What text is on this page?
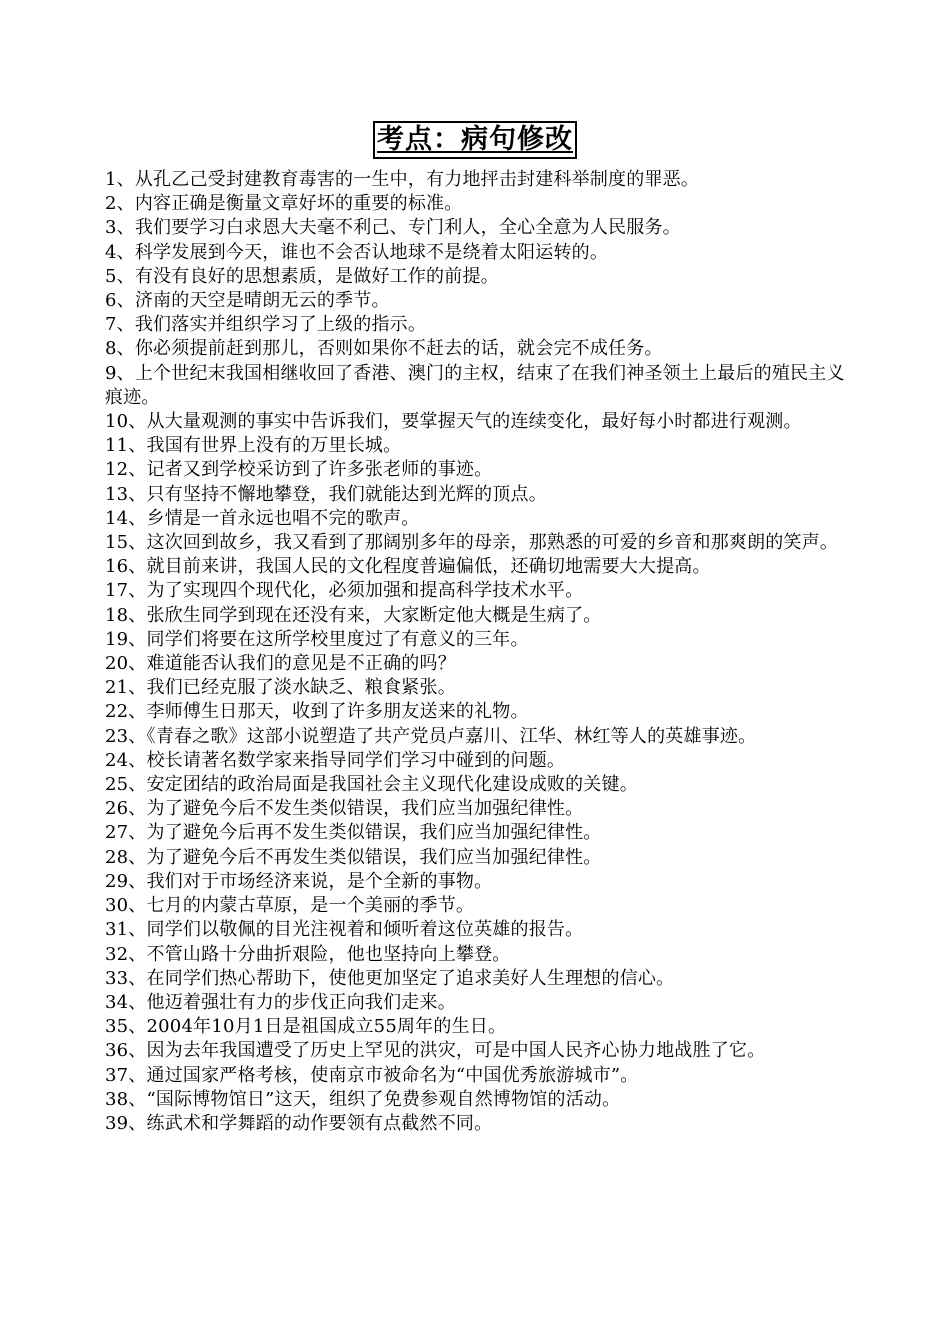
考点：病句修改
1、从孔乙己受封建教育毒害的一生中，有力地抨击封建科举制度的罪恶。
2、内容正确是衡量文章好坏的重要的标准。
3、我们要学习白求恩大夫毫不利己、专门利人，全心全意为人民服务。
4、科学发展到今天，谁也不会否认地球不是绕着太阳运转的。
5、有没有良好的思想素质，是做好工作的前提。
6、济南的天空是晴朗无云的季节。
7、我们落实并组织学习了上级的指示。
8、你必须提前赶到那儿，否则如果你不赶去的话，就会完不成任务。
9、上个世纪末我国相继收回了香港、澳门的主权，结束了在我们神圣领土上最后的殖民主义痕迹。
10、从大量观测的事实中告诉我们，要掌握天气的连续变化，最好每小时都进行观测。
11、我国有世界上没有的万里长城。
12、记者又到学校采访到了许多张老师的事迹。
13、只有坚持不懈地攀登，我们就能达到光辉的顶点。
14、乡情是一首永远也唱不完的歌声。
15、这次回到故乡，我又看到了那阔别多年的母亲，那熟悉的可爱的乡音和那爽朗的笑声。
16、就目前来讲，我国人民的文化程度普遍偏低，还确切地需要大大提高。
17、为了实现四个现代化，必须加强和提高科学技术水平。
18、张欣生同学到现在还没有来，大家断定他大概是生病了。
19、同学们将要在这所学校里度过了有意义的三年。
20、难道能否认我们的意见是不正确的吗？
21、我们已经克服了淡水缺乏、粮食紧张。
22、李师傅生日那天，收到了许多朋友送来的礼物。
23、《青春之歌》这部小说塑造了共产党员卢嘉川、江华、林红等人的英雄事迹。
24、校长请著名数学家来指导同学们学习中碰到的问题。
25、安定团结的政治局面是我国社会主义现代化建设成败的关键。
26、为了避免今后不发生类似错误，我们应当加强纪律性。
27、为了避免今后再不发生类似错误，我们应当加强纪律性。
28、为了避免今后不再发生类似错误，我们应当加强纪律性。
29、我们对于市场经济来说，是个全新的事物。
30、七月的内蒙古草原，是一个美丽的季节。
31、同学们以敬佩的目光注视着和倾听着这位英雄的报告。
32、不管山路十分曲折艰险，他也坚持向上攀登。
33、在同学们热心帮助下，使他更加坚定了追求美好人生理想的信心。
34、他迈着强壮有力的步伐正向我们走来。
35、2004年10月1日是祖国成立55周年的生日。
36、因为去年我国遭受了历史上罕见的洪灾，可是中国人民齐心协力地战胜了它。
37、通过国家严格考核，使南京市被命名为“中国优秀旅游城市”。
38、“国际博物馆日”这天，组织了免费参观自然博物馆的活动。
39、练武术和学舞蹈的动作要领有点截然不同。
